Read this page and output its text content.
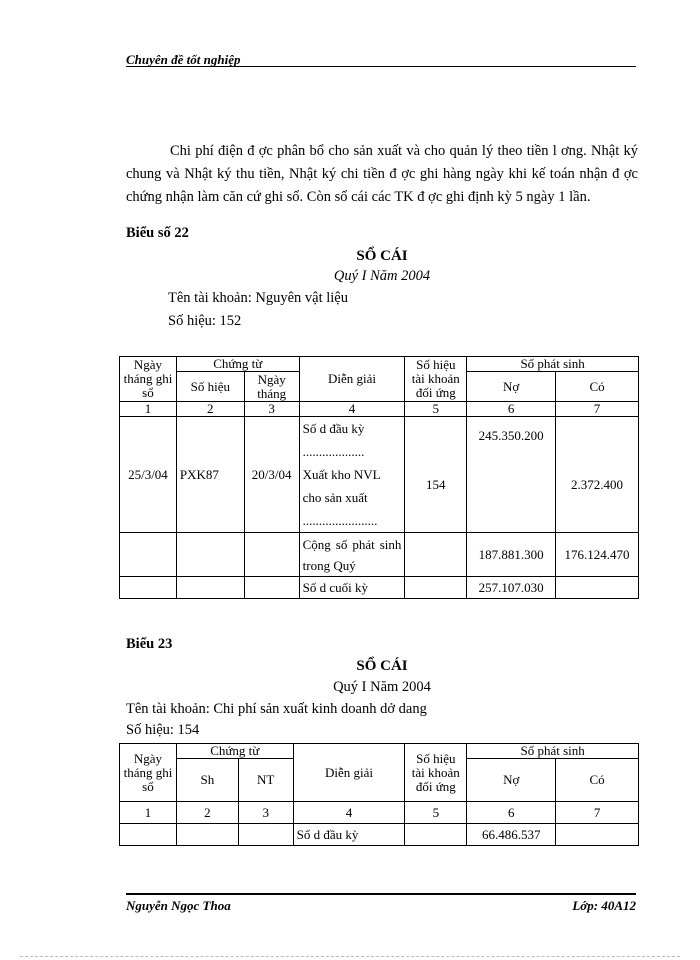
Chuyên đề tốt nghiệp
Chi phí điện đ ợc phân bổ cho sản xuất và cho quản lý theo tiền l ơng. Nhật ký chung và Nhật ký thu tiền, Nhật ký chi tiền đ ợc ghi hàng ngày khi kế toán nhận đ ợc chứng nhận làm căn cứ ghi sổ. Còn sổ cái các TK đ ợc ghi định kỳ 5 ngày 1 lần.
Biểu số 22
SỔ CÁI
Quý I Năm 2004
Tên tài khoản: Nguyên vật liệu
Số hiệu: 152
Ngày tháng ghi sổ	Chứng từ		Diễn giải	Số hiệu tài khoản đối ứng	Số phát sinh	
	Số hiệu	Ngày tháng			Nợ	Có
1	2	3	4	5	6	7
25/3/04	PXK87	20/3/04	Số d đầu kỳ
...................
Xuất kho NVL cho sản xuất
.......................	154	245.350.200	2.372.400
			Cộng số phát sinh trong Quý		187.881.300	176.124.470
			Số d cuối kỳ		257.107.030	
Biểu 23
SỔ CÁI
Quý I Năm 2004
Tên tài khoản: Chi phí sản xuất kinh doanh dở dang
Số hiệu: 154
Ngày tháng ghi sổ	Chứng từ		Diễn giải	Số hiệu tài khoản đối ứng	Số phát sinh	
	Sh	NT			Nợ	Có
1	2	3	4	5	6	7
			Số d đầu kỳ		66.486.537	
Nguyễn Ngọc Thoa	Lớp: 40A12
